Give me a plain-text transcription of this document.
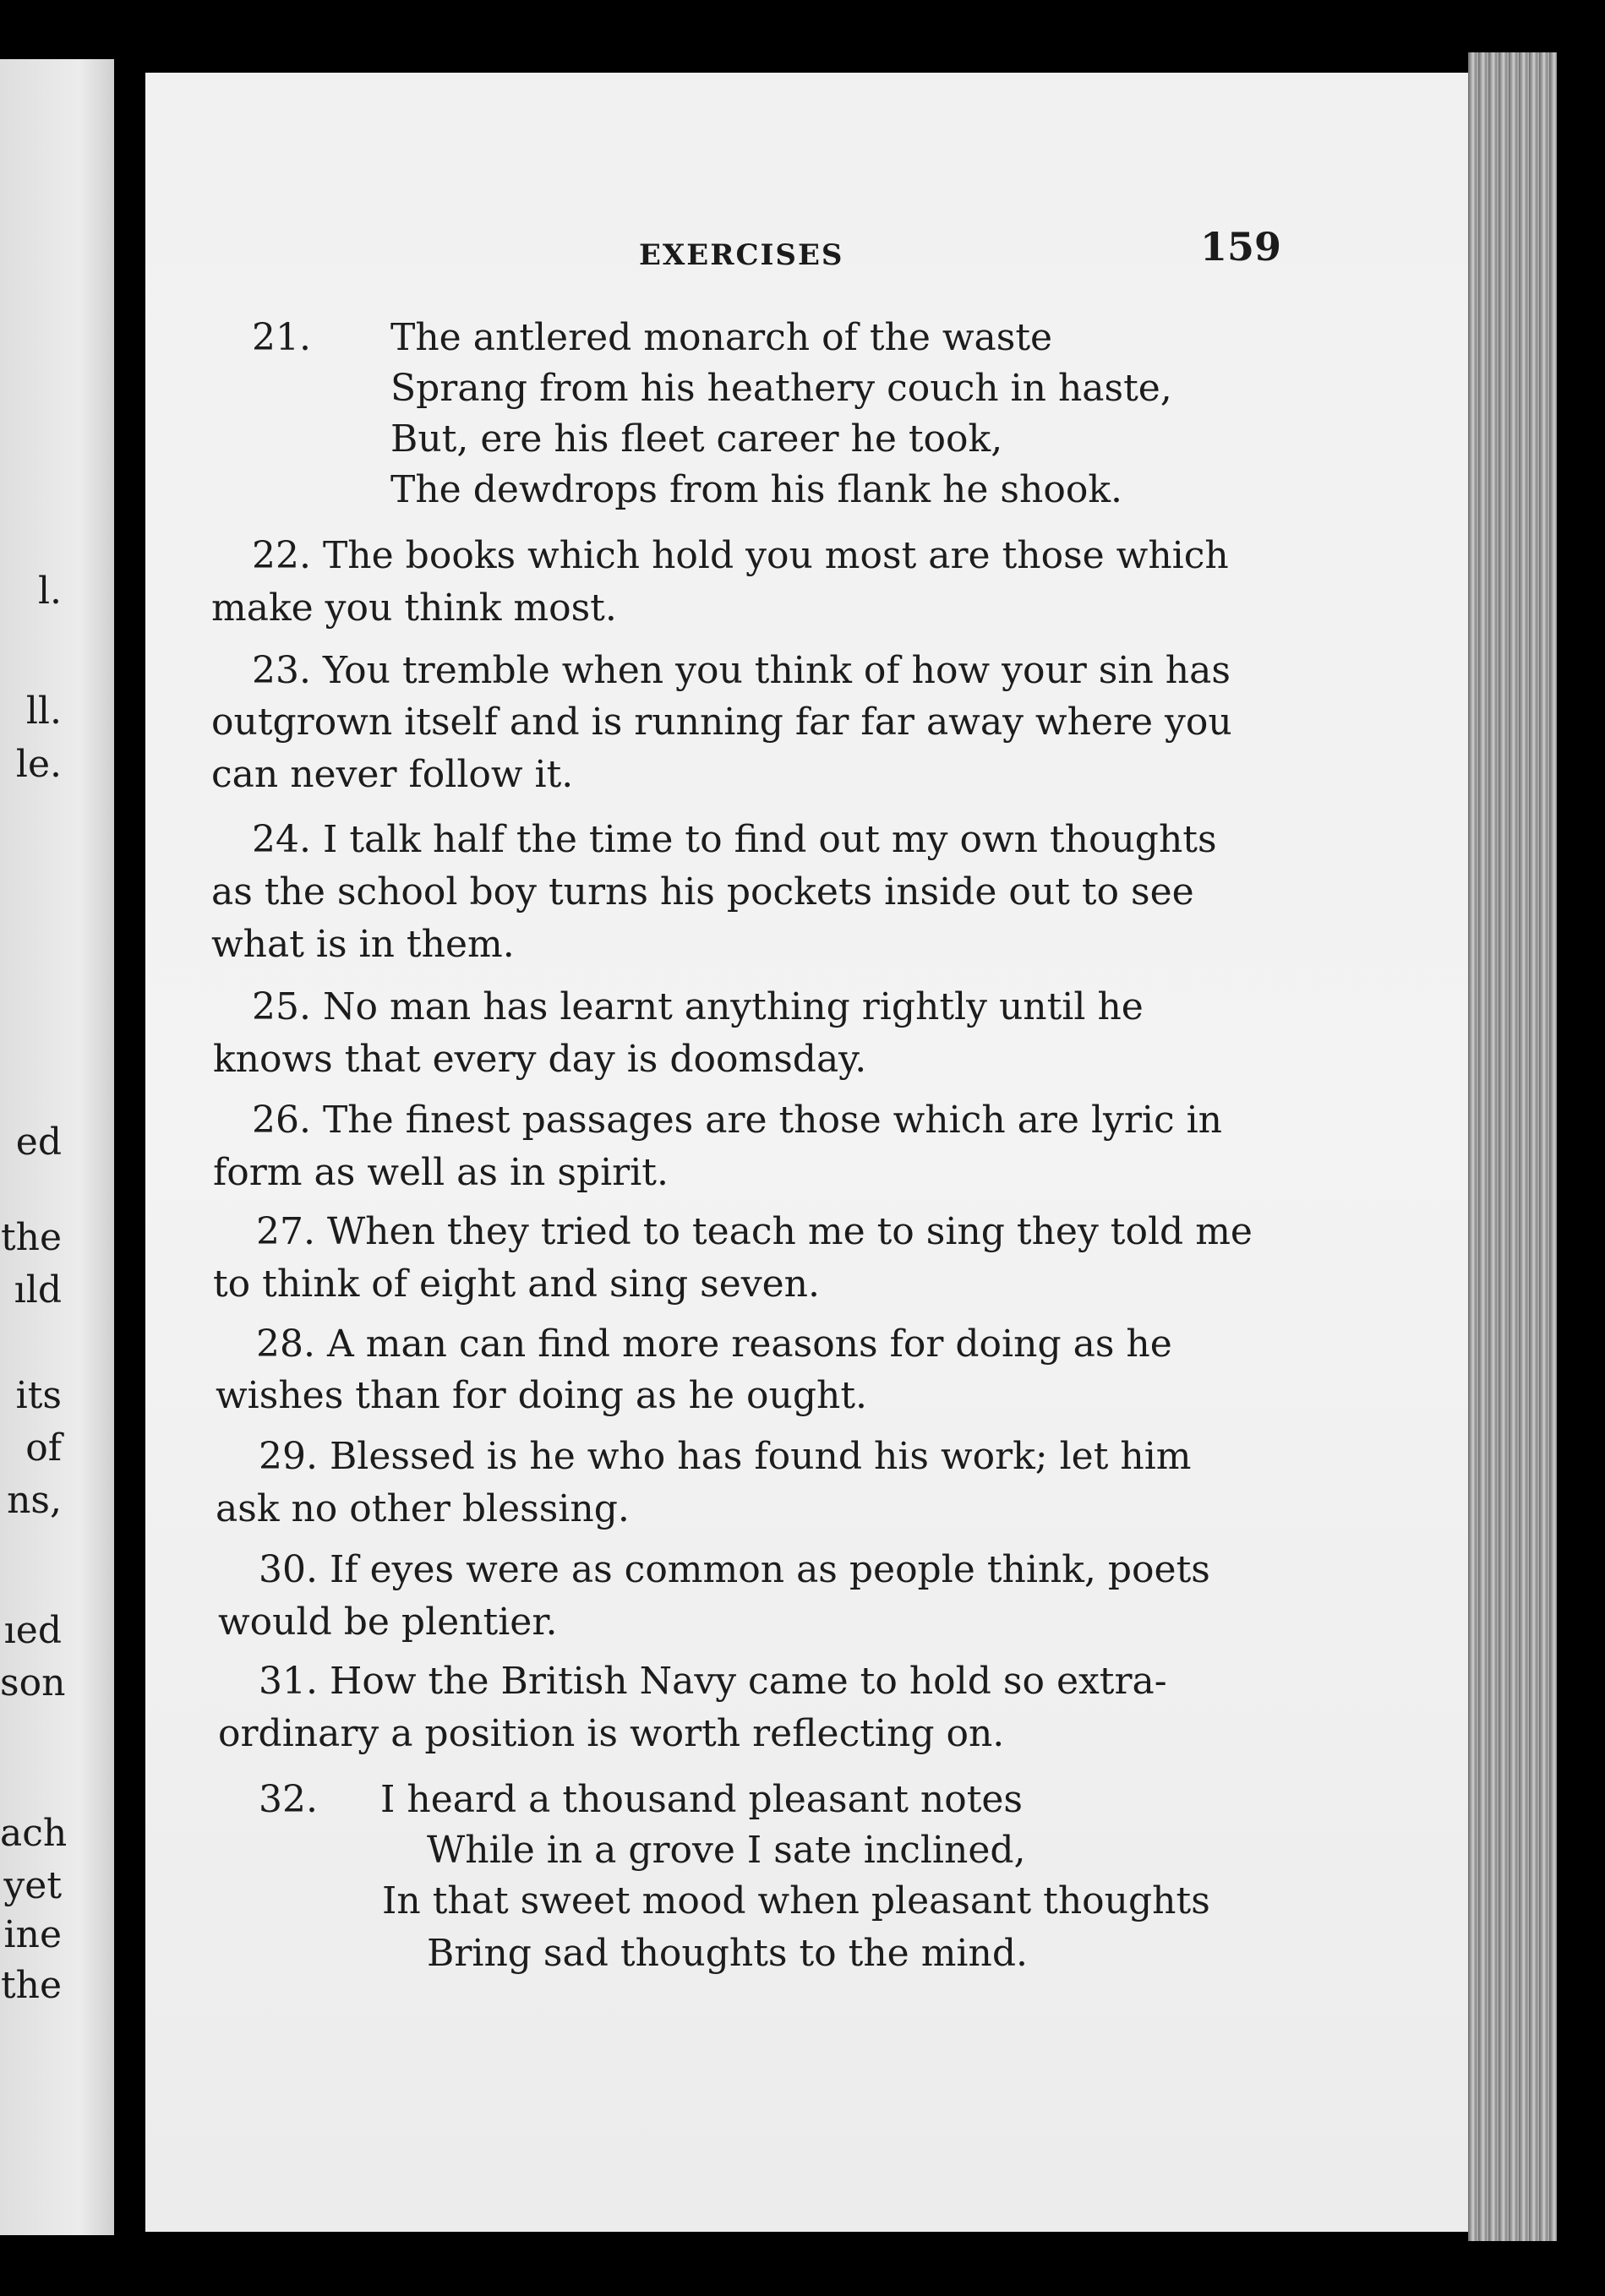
l.
ll.
le.
ed
the
ıld
its
of
ns,
ıed
son
ach
yet
ine
the
EXERCISES	159
21. The antlered monarch of the waste
Sprang from his heathery couch in haste,
But, ere his fleet career he took,
The dewdrops from his flank he shook.
22. The books which hold you most are those which
make you think most.
23. You tremble when you think of how your sin has
outgrown itself and is running far far away where you
can never follow it.
24. I talk half the time to find out my own thoughts
as the school boy turns his pockets inside out to see
what is in them.
25. No man has learnt anything rightly until he
knows that every day is doomsday.
26. The finest passages are those which are lyric in
form as well as in spirit.
27. When they tried to teach me to sing they told me
to think of eight and sing seven.
28. A man can find more reasons for doing as he
wishes than for doing as he ought.
29. Blessed is he who has found his work; let him
ask no other blessing.
30. If eyes were as common as people think, poets
would be plentier.
31. How the British Navy came to hold so extra-
ordinary a position is worth reflecting on.
32. I heard a thousand pleasant notes
While in a grove I sate inclined,
In that sweet mood when pleasant thoughts
Bring sad thoughts to the mind.
